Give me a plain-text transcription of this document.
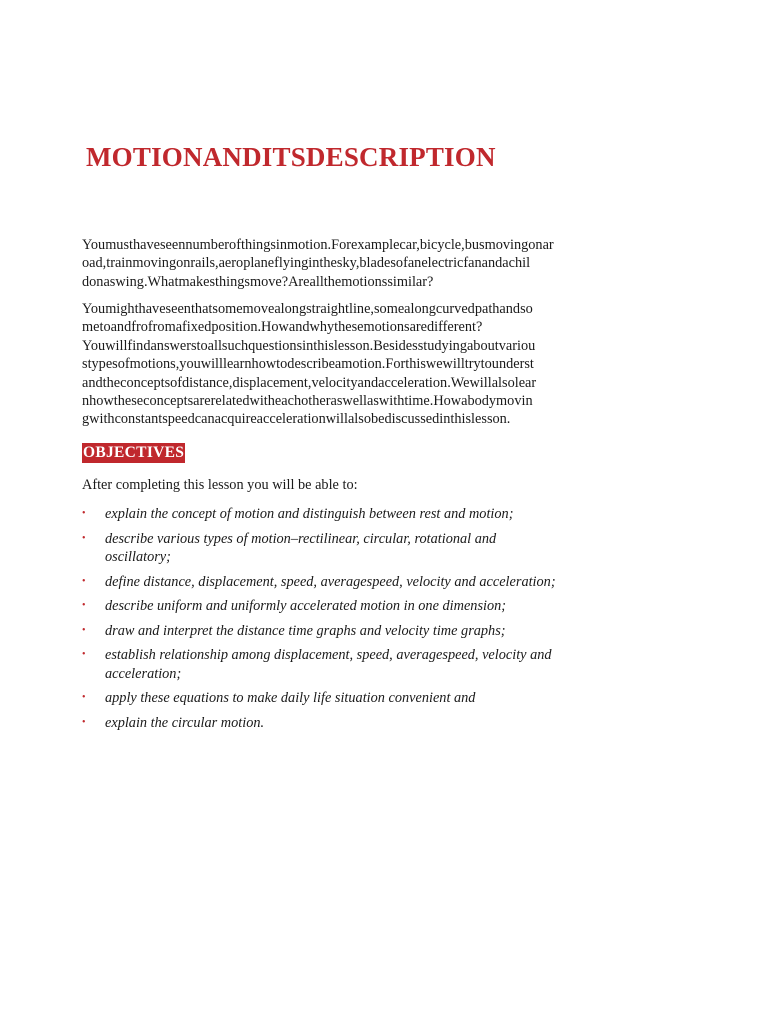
MOTIONANDITSDESCRIPTION

Youmusthaveseennumberofthingsinmotion.Forexamplecar,bicycle,busmovingonar
oad,trainmovingonrails,aeroplaneflyinginthesky,bladesofanelectricfanandachil
donaswing.Whatmakesthingsmove?Areallthemotionssimilar?

Youmighthaveseenthatsomemovealongstraightline,somealongcurvedpathandso
metoandfrofromafixedposition.Howandwhythesemotionsaredifferent?
Youwillfindanswerstoallsuchquestionsinthislesson.Besidesstudyingaboutvariou
stypesofmotions,youwilllearnhowtodescribeamotion.Forthiswewilltrytounderst
andtheconceptsofdistance,displacement,velocityandacceleration.Wewillalsolear
nhowtheseconceptsarerelatedwitheachotheraswellaswithtime.Howabodymovin
gwithconstantspeedcanacquireaccelerationwillalsobediscussedinthislesson.

OBJECTIVES

After completing this lesson you will be able to:

• explain the concept of motion and distinguish between rest and motion;
• describe various types of motion–rectilinear, circular, rotational and oscillatory;
• define distance, displacement, speed, averagespeed, velocity and acceleration;
• describe uniform and uniformly accelerated motion in one dimension;
• draw and interpret the distance time graphs and velocity time graphs;
• establish relationship among displacement, speed, averagespeed, velocity and acceleration;
• apply these equations to make daily life situation convenient and
• explain the circular motion.
